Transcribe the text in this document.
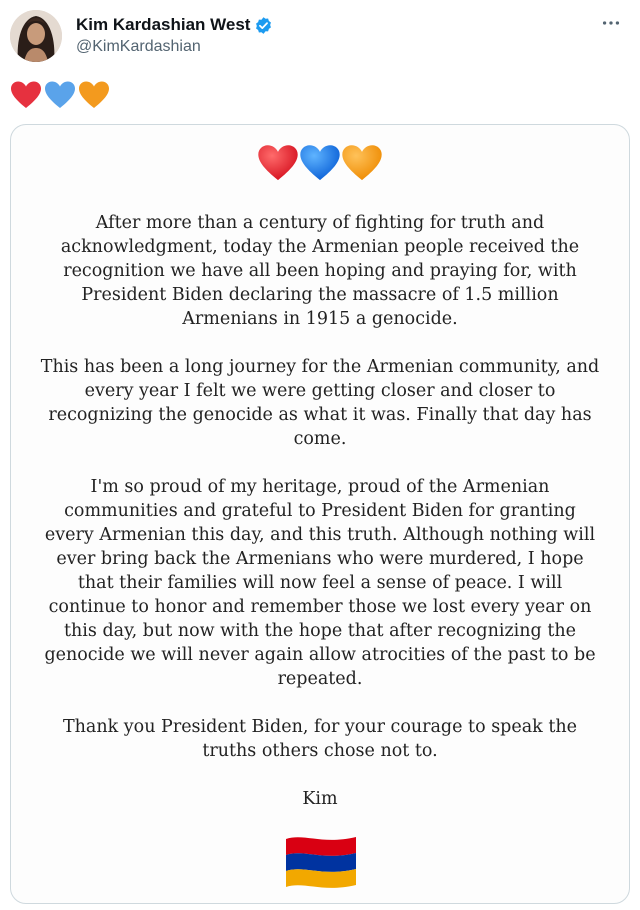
Kim Kardashian West
@KimKardashian

After more than a century of fighting for truth and acknowledgment, today the Armenian people received the recognition we have all been hoping and praying for, with President Biden declaring the massacre of 1.5 million Armenians in 1915 a genocide.

This has been a long journey for the Armenian community, and every year I felt we were getting closer and closer to recognizing the genocide as what it was. Finally that day has come.

I'm so proud of my heritage, proud of the Armenian communities and grateful to President Biden for granting every Armenian this day, and this truth. Although nothing will ever bring back the Armenians who were murdered, I hope that their families will now feel a sense of peace. I will continue to honor and remember those we lost every year on this day, but now with the hope that after recognizing the genocide we will never again allow atrocities of the past to be repeated.

Thank you President Biden, for your courage to speak the truths others chose not to.

Kim
